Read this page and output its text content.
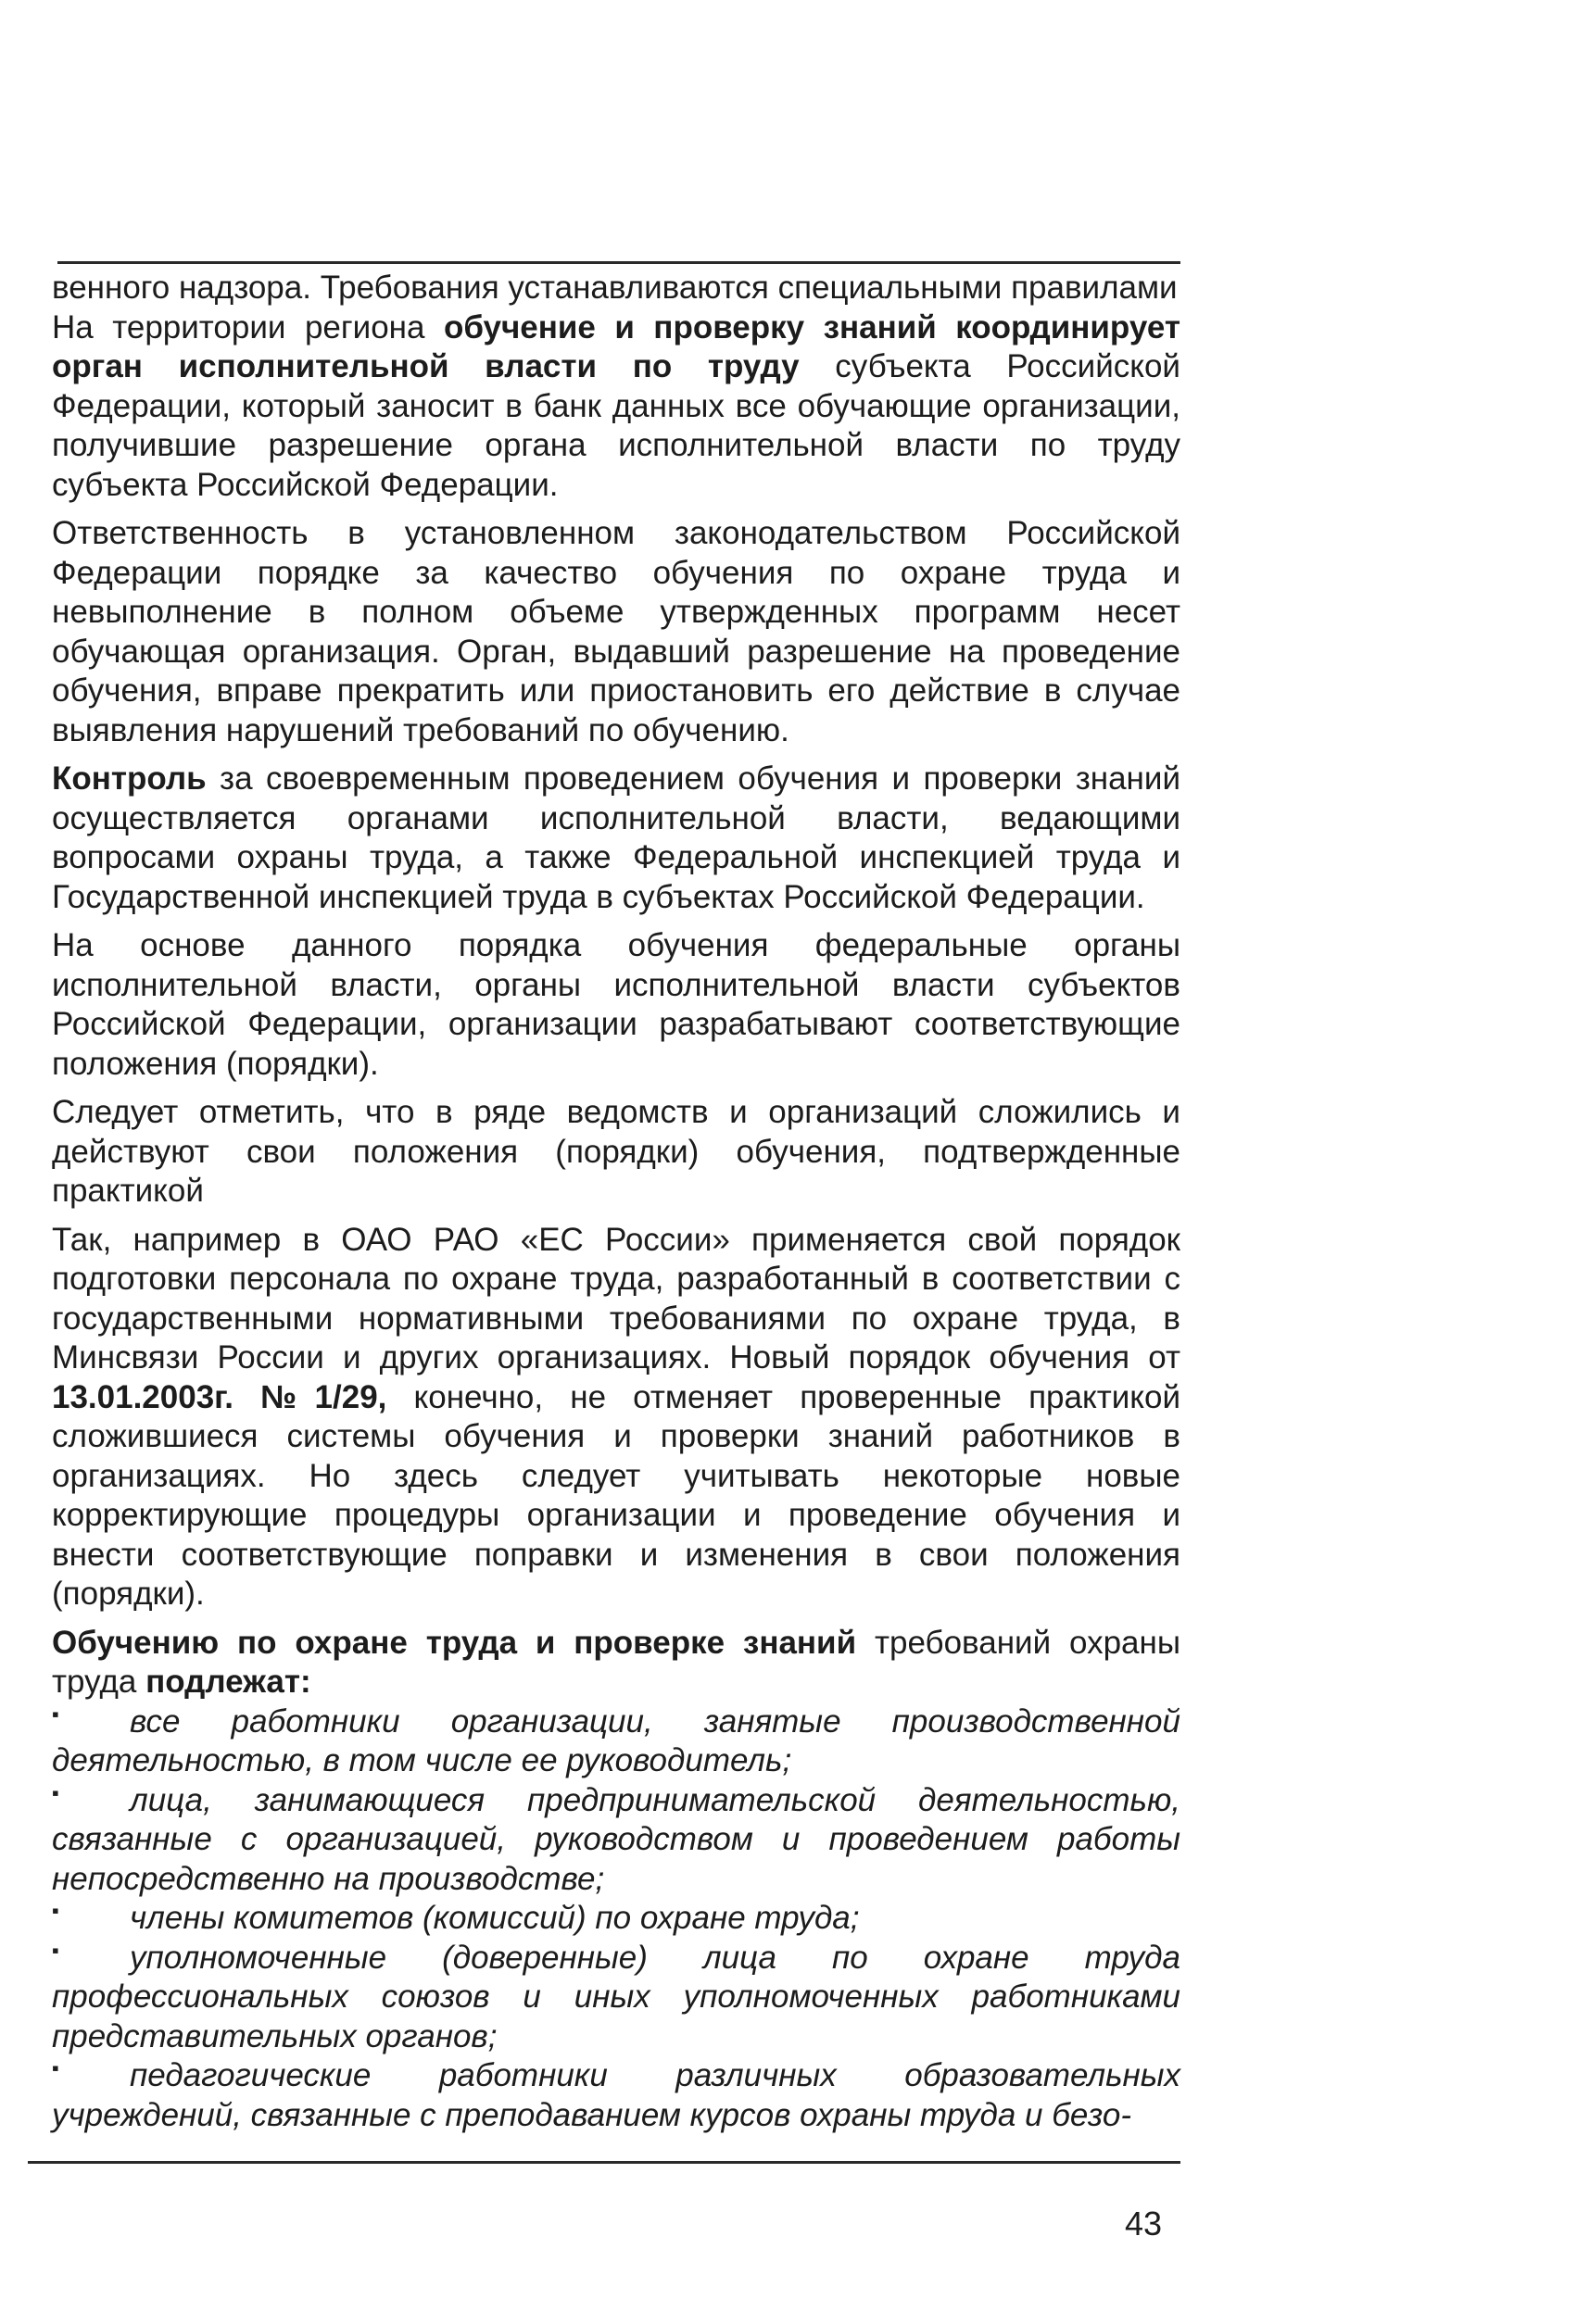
венного надзора. Требования устанавливаются специальными правилами

На территории региона обучение и проверку знаний координирует орган исполнительной власти по труду субъекта Российской Федерации, который заносит в банк данных все обучающие организации, получившие разрешение органа исполнительной власти по труду субъекта Российской Федерации.

Ответственность в установленном законодательством Российской Федерации порядке за качество обучения по охране труда и невыполнение в полном объеме утвержденных программ несет обучающая организация. Орган, выдавший разрешение на проведение обучения, вправе прекратить или приостановить его действие в случае выявления нарушений требований по обучению.

Контроль за своевременным проведением обучения и проверки знаний осуществляется органами исполнительной власти, ведающими вопросами охраны труда, а также Федеральной инспекцией труда и Государственной инспекцией труда в субъектах Российской Федерации.

На основе данного порядка обучения федеральные органы исполнительной власти, органы исполнительной власти субъектов Российской Федерации, организации разрабатывают соответствующие положения (порядки).

Следует отметить, что в ряде ведомств и организаций сложились и действуют свои положения (порядки) обучения, подтвержденные практикой

Так, например в ОАО РАО «ЕС России» применяется свой порядок подготовки персонала по охране труда, разработанный в соответствии с государственными нормативными требованиями по охране труда, в Минсвязи России и других организациях. Новый порядок обучения от 13.01.2003г. №1/29, конечно, не отменяет проверенные практикой сложившиеся системы обучения и проверки знаний работников в организациях. Но здесь следует учитывать некоторые новые корректирующие процедуры организации и проведение обучения и внести соответствующие поправки и изменения в свои положения (порядки).

Обучению по охране труда и проверке знаний требований охраны труда подлежат:

▪ все работники организации, занятые производственной деятельностью, в том числе ее руководитель;
▪ лица, занимающиеся предпринимательской деятельностью, связанные с организацией, руководством и проведением работы непосредственно на производстве;
▪ члены комитетов (комиссий) по охране труда;
▪ уполномоченные (доверенные) лица по охране труда профессиональных союзов и иных уполномоченных работниками представительных органов;
▪ педагогические работники различных образовательных учреждений, связанные с преподаванием курсов охраны труда и безо-
43
